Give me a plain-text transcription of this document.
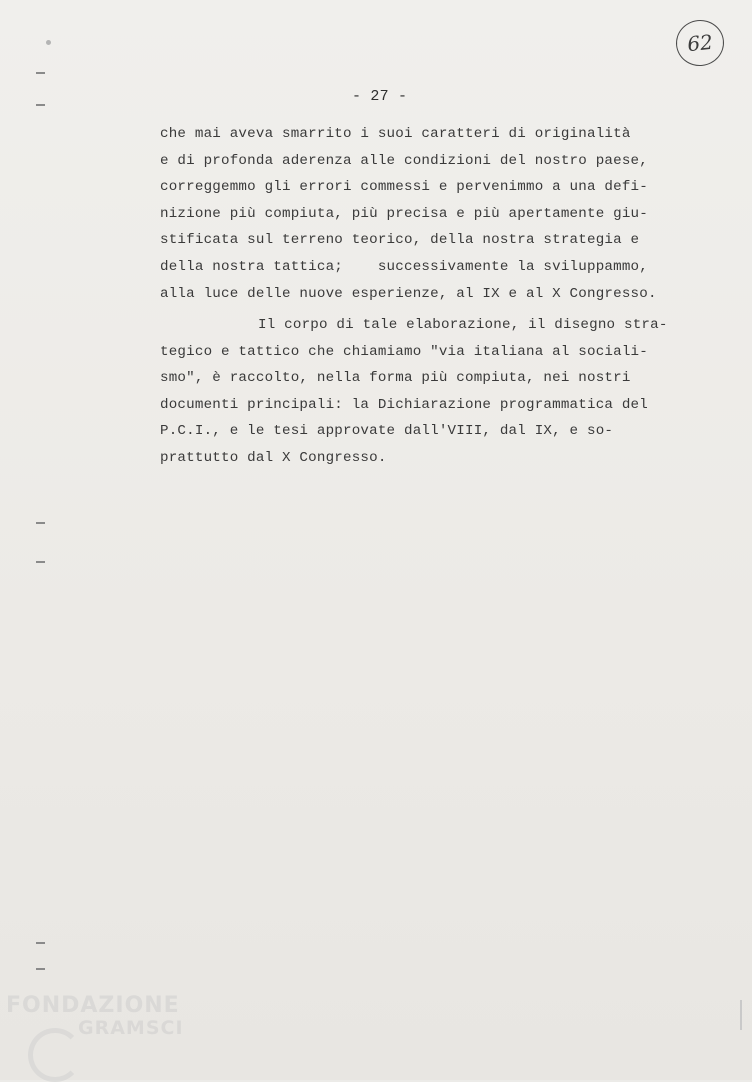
62
- 27 -
che mai aveva smarrito i suoi caratteri di originalità
e di profonda aderenza alle condizioni del nostro paese,
correggemmo gli errori commessi e pervenimmo a una defi-
nizione più compiuta, più precisa e più apertamente giu-
stificata sul terreno teorico, della nostra strategia e
della nostra tattica;    successivamente la sviluppammo,
alla luce delle nuove esperienze, al IX e al X Congresso.
Il corpo di tale elaborazione, il disegno stra-
tegico e tattico che chiamiamo "via italiana al sociali-
smo", è raccolto, nella forma più compiuta, nei nostri
documenti principali: la Dichiarazione programmatica del
P.C.I., e le tesi approvate dall'VIII, dal IX, e so-
prattutto dal X Congresso.
FONDAZIONE
GRAMSCI
